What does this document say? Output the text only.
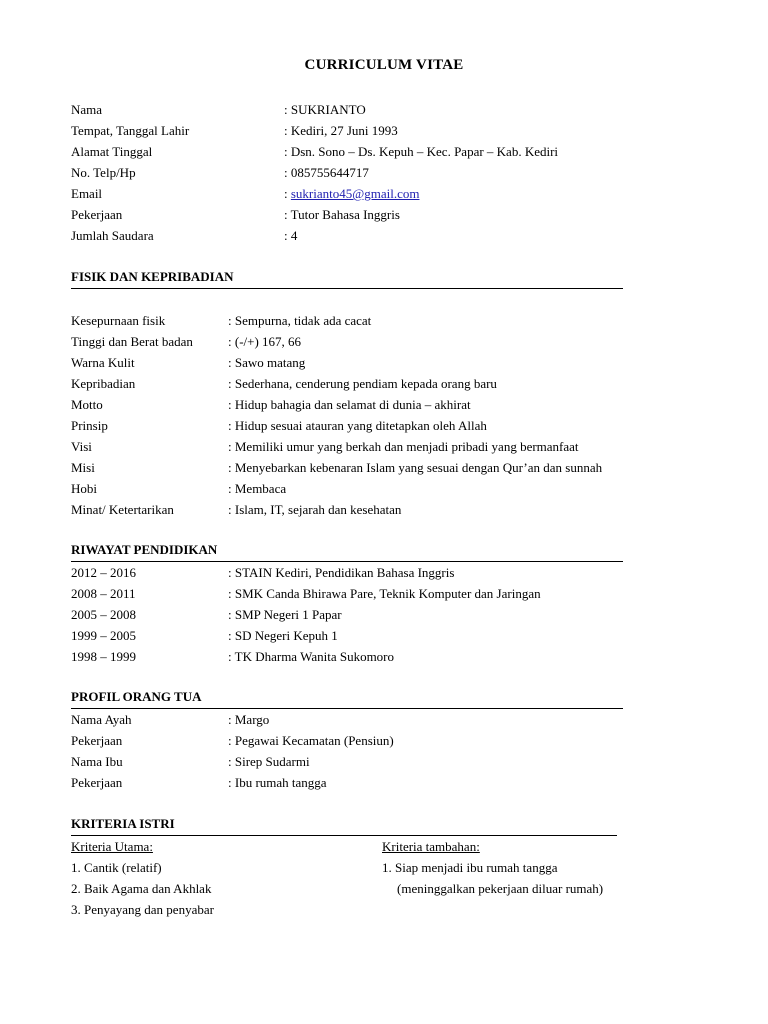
CURRICULUM VITAE
Nama	: SUKRIANTO
Tempat, Tanggal Lahir	: Kediri, 27 Juni 1993
Alamat Tinggal	: Dsn. Sono – Ds. Kepuh – Kec. Papar – Kab. Kediri
No. Telp/Hp	: 085755644717
Email	: sukrianto45@gmail.com
Pekerjaan	: Tutor Bahasa Inggris
Jumlah Saudara	: 4
FISIK DAN KEPRIBADIAN
Kesepurnaan fisik	: Sempurna, tidak ada cacat
Tinggi dan Berat badan	: (-/+) 167, 66
Warna Kulit	: Sawo matang
Kepribadian	: Sederhana, cenderung pendiam kepada orang baru
Motto	: Hidup bahagia dan selamat di dunia – akhirat
Prinsip	: Hidup sesuai atauran yang ditetapkan oleh Allah
Visi	: Memiliki umur yang berkah dan menjadi pribadi yang bermanfaat
Misi	: Menyebarkan kebenaran Islam yang sesuai dengan Qur’an dan sunnah
Hobi	: Membaca
Minat/ Ketertarikan	: Islam, IT, sejarah dan kesehatan
RIWAYAT PENDIDIKAN
2012 – 2016	: STAIN Kediri, Pendidikan Bahasa Inggris
2008 – 2011	: SMK Canda Bhirawa Pare, Teknik Komputer dan Jaringan
2005 – 2008	: SMP Negeri 1 Papar
1999 – 2005	: SD Negeri Kepuh 1
1998 – 1999	: TK Dharma Wanita Sukomoro
PROFIL ORANG TUA
Nama Ayah	: Margo
Pekerjaan	: Pegawai Kecamatan (Pensiun)
Nama Ibu	: Sirep Sudarmi
Pekerjaan	: Ibu rumah tangga
KRITERIA ISTRI
Kriteria Utama:
1. Cantik (relatif)
2. Baik Agama dan Akhlak
3. Penyayang dan penyabar
Kriteria tambahan:
1. Siap menjadi ibu rumah tangga
(meninggalkan pekerjaan diluar rumah)
